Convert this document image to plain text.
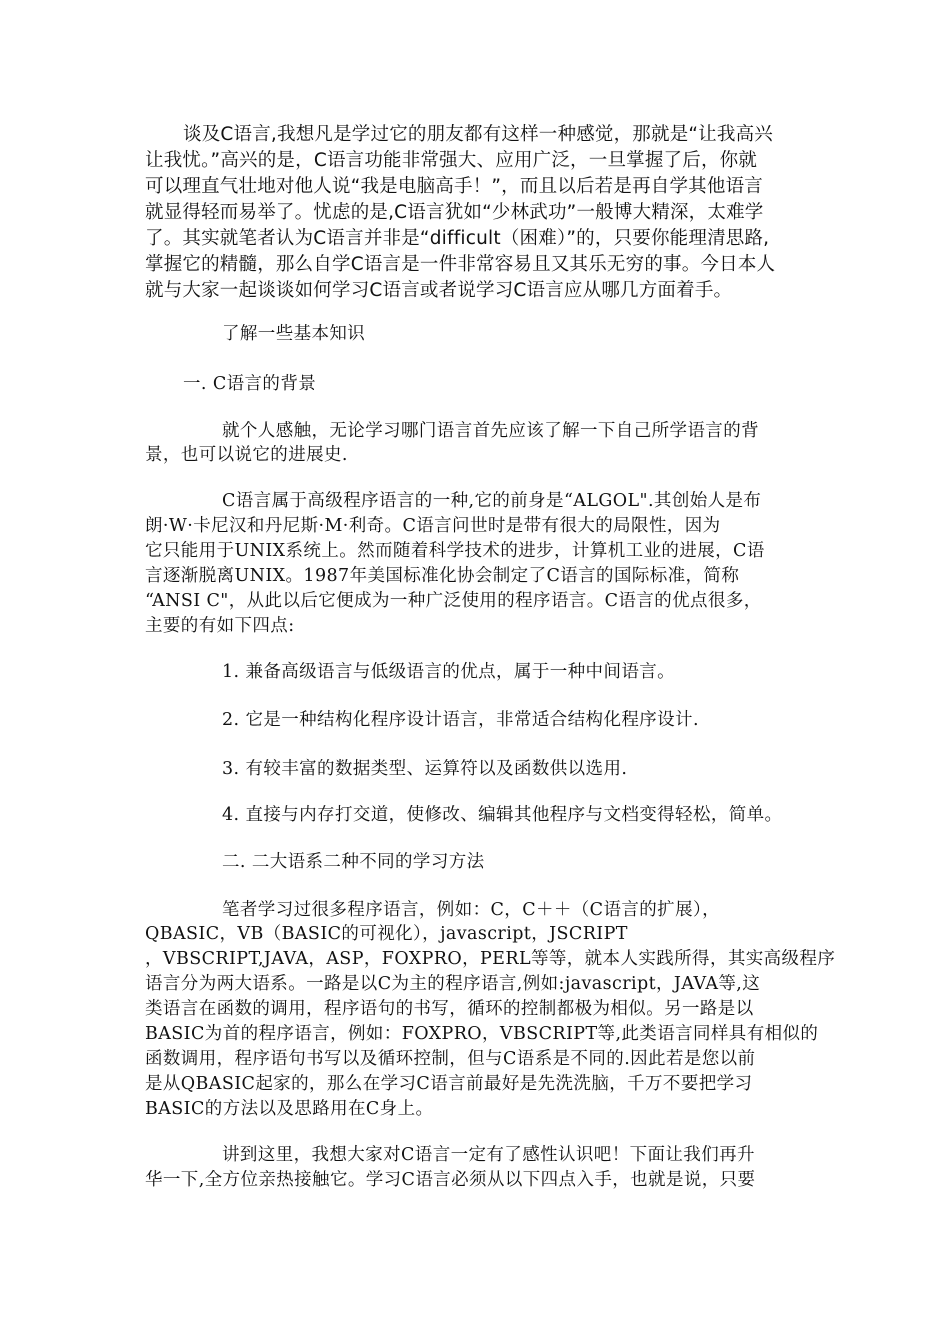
谈及C语言,我想凡是学过它的朋友都有这样一种感觉，那就是“让我高兴
让我忧。”高兴的是，C语言功能非常强大、应用广泛，一旦掌握了后，你就
可以理直气壮地对他人说“我是电脑高手！”，而且以后若是再自学其他语言
就显得轻而易举了。忧虑的是,C语言犹如“少林武功”一般博大精深，太难学
了。其实就笔者认为C语言并非是“difficult（困难）”的，只要你能理清思路,
掌握它的精髓，那么自学C语言是一件非常容易且又其乐无穷的事。今日本人
就与大家一起谈谈如何学习C语言或者说学习C语言应从哪几方面着手。
了解一些基本知识
一. C语言的背景
就个人感触，无论学习哪门语言首先应该了解一下自己所学语言的背
景，也可以说它的进展史.
C语言属于高级程序语言的一种,它的前身是“ALGOL".其创始人是布
朗·W·卡尼汉和丹尼斯·M·利奇。C语言问世时是带有很大的局限性，因为
它只能用于UNIX系统上。然而随着科学技术的进步，计算机工业的进展，C语
言逐渐脱离UNIX。1987年美国标准化协会制定了C语言的国际标准，简称
“ANSI C"，从此以后它便成为一种广泛使用的程序语言。C语言的优点很多，
主要的有如下四点:
1. 兼备高级语言与低级语言的优点，属于一种中间语言。
2. 它是一种结构化程序设计语言，非常适合结构化程序设计.
3. 有较丰富的数据类型、运算符以及函数供以选用.
4. 直接与内存打交道，使修改、编辑其他程序与文档变得轻松，简单。
二. 二大语系二种不同的学习方法
笔者学习过很多程序语言，例如：C，C＋＋（C语言的扩展），
QBASIC，VB（BASIC的可视化），javascript，JSCRIPT
，VBSCRIPT,JAVA，ASP，FOXPRO，PERL等等，就本人实践所得，其实高级程序
语言分为两大语系。一路是以C为主的程序语言,例如:javascript，JAVA等,这
类语言在函数的调用，程序语句的书写，循环的控制都极为相似。另一路是以
BASIC为首的程序语言，例如：FOXPRO，VBSCRIPT等,此类语言同样具有相似的
函数调用，程序语句书写以及循环控制，但与C语系是不同的.因此若是您以前
是从QBASIC起家的，那么在学习C语言前最好是先洗洗脑，千万不要把学习
BASIC的方法以及思路用在C身上。
讲到这里，我想大家对C语言一定有了感性认识吧！下面让我们再升
华一下,全方位亲热接触它。学习C语言必须从以下四点入手，也就是说，只要
